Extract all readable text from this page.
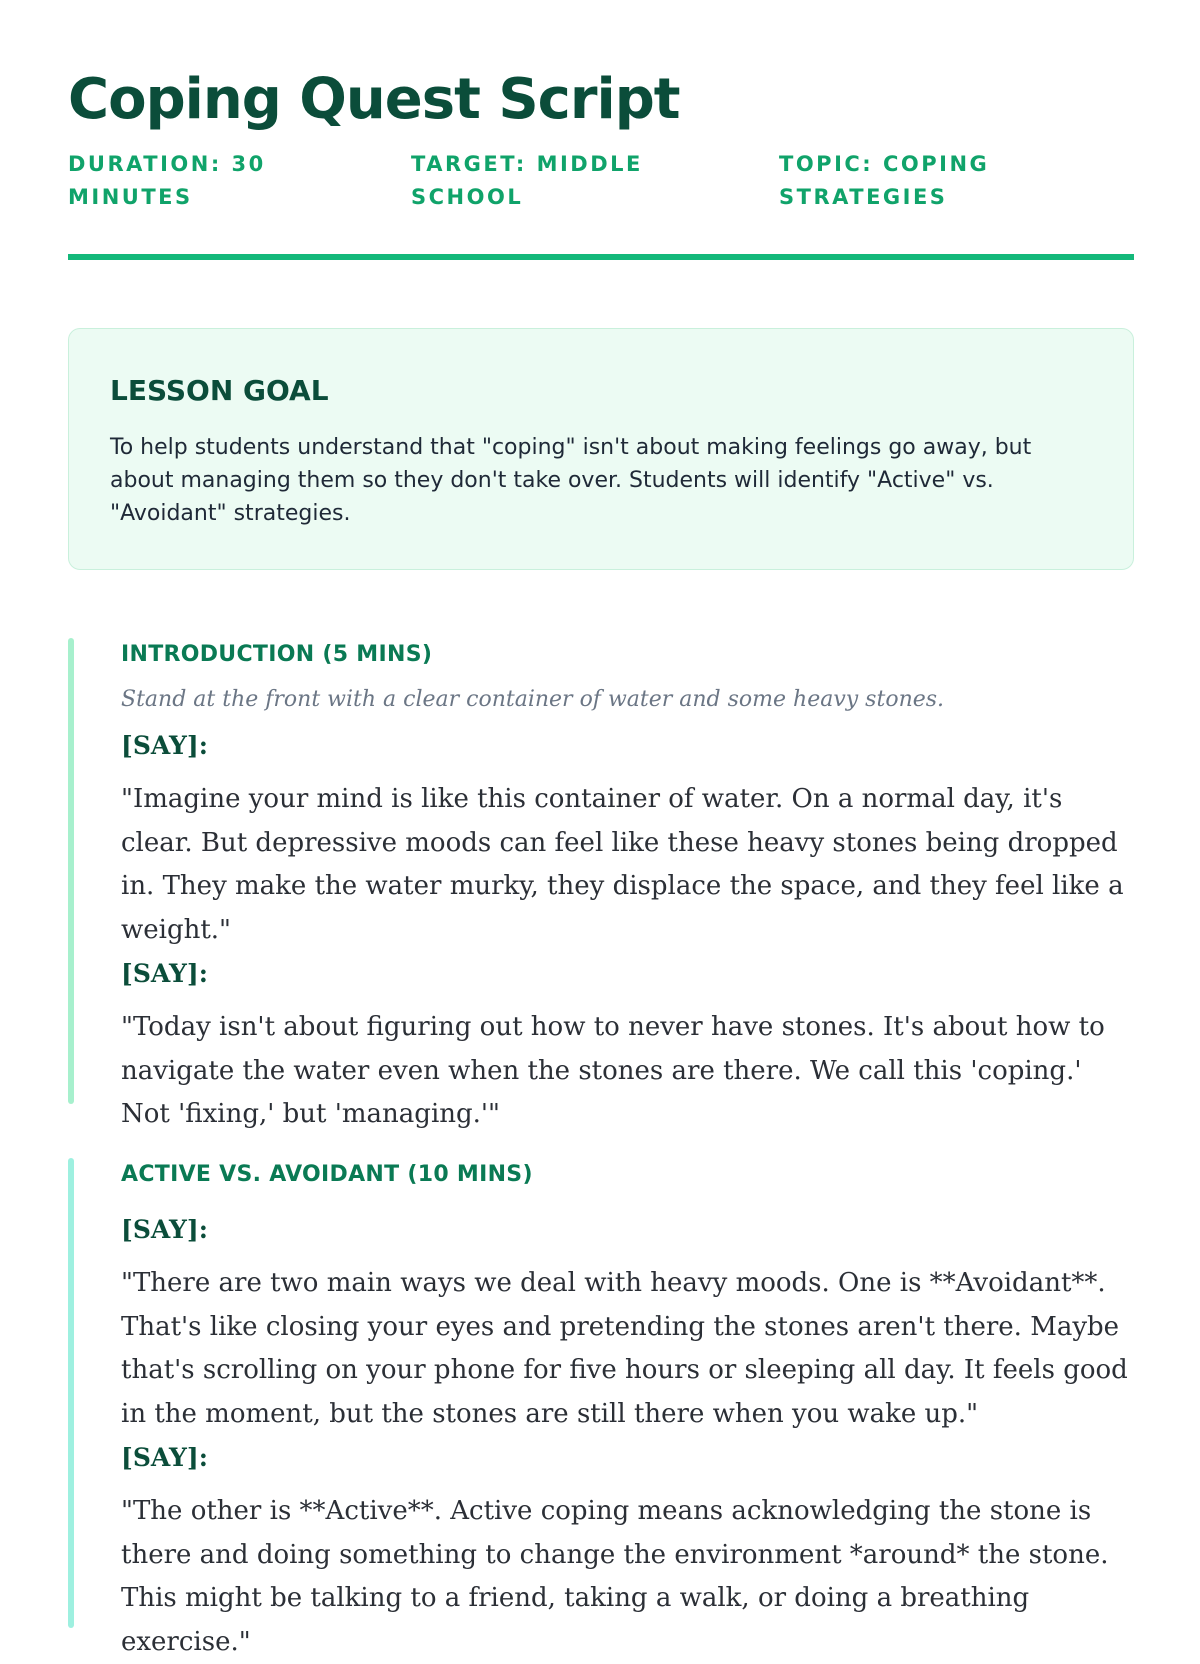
Coping Quest Script
DURATION: 30 MINUTES
TARGET: MIDDLE SCHOOL
TOPIC: COPING STRATEGIES
LESSON GOAL

To help students understand that "coping" isn't about making feelings go away, but about managing them so they don't take over. Students will identify "Active" vs. "Avoidant" strategies.

INTRODUCTION (5 MINS)

Stand at the front with a clear container of water and some heavy stones.

[SAY]:

"Imagine your mind is like this container of water. On a normal day, it's clear. But depressive moods can feel like these heavy stones being dropped in. They make the water murky, they displace the space, and they feel like a weight."

[SAY]:

"Today isn't about figuring out how to never have stones. It's about how to navigate the water even when the stones are there. We call this 'coping.' Not 'fixing,' but 'managing.'"

ACTIVE VS. AVOIDANT (10 MINS)
[SAY]:

"There are two main ways we deal with heavy moods. One is **Avoidant**. That's like closing your eyes and pretending the stones aren't there. Maybe that's scrolling on your phone for five hours or sleeping all day. It feels good in the moment, but the stones are still there when you wake up."

[SAY]:

"The other is **Active**. Active coping means acknowledging the stone is there and doing something to change the environment *around* the stone. This might be talking to a friend, taking a walk, or doing a breathing exercise."
